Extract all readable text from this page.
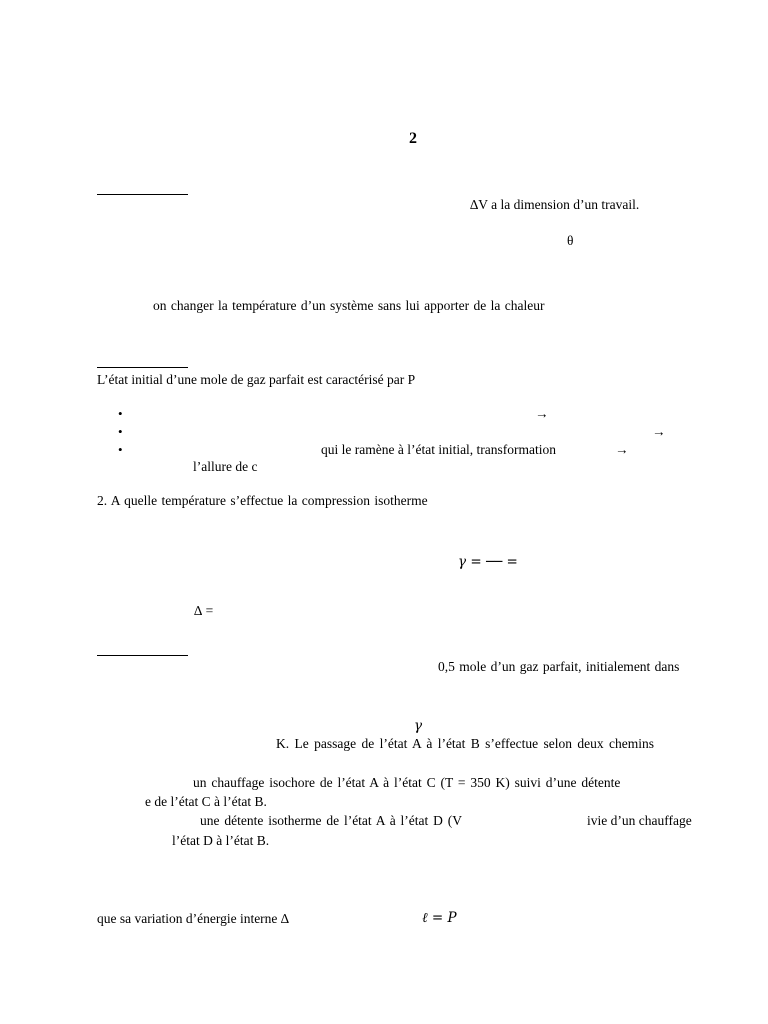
2
∆V a la dimension d’un travail.
θ
on changer la température d’un système sans lui apporter de la chaleur
L’état initial d’une mole de gaz parfait est caractérisé par P
•	→
•	→
•	qui le ramène à l’état initial, transformation	→
l’allure de c
2. A quelle température s’effectue la compression isotherme
γ = ── =
∆ =
0,5 mole d’un gaz parfait, initialement dans
γ
K. Le passage de l’état A à l’état B s’effectue selon deux chemins
un chauffage isochore de l’état A à l’état C (T = 350 K) suivi d’une détente
e de l’état C à l’état B.
une détente isotherme de l’état A à l’état D (V	ivie d’un chauffage
l’état D à l’état B.
que sa variation d’énergie interne ∆	ℓ = P
